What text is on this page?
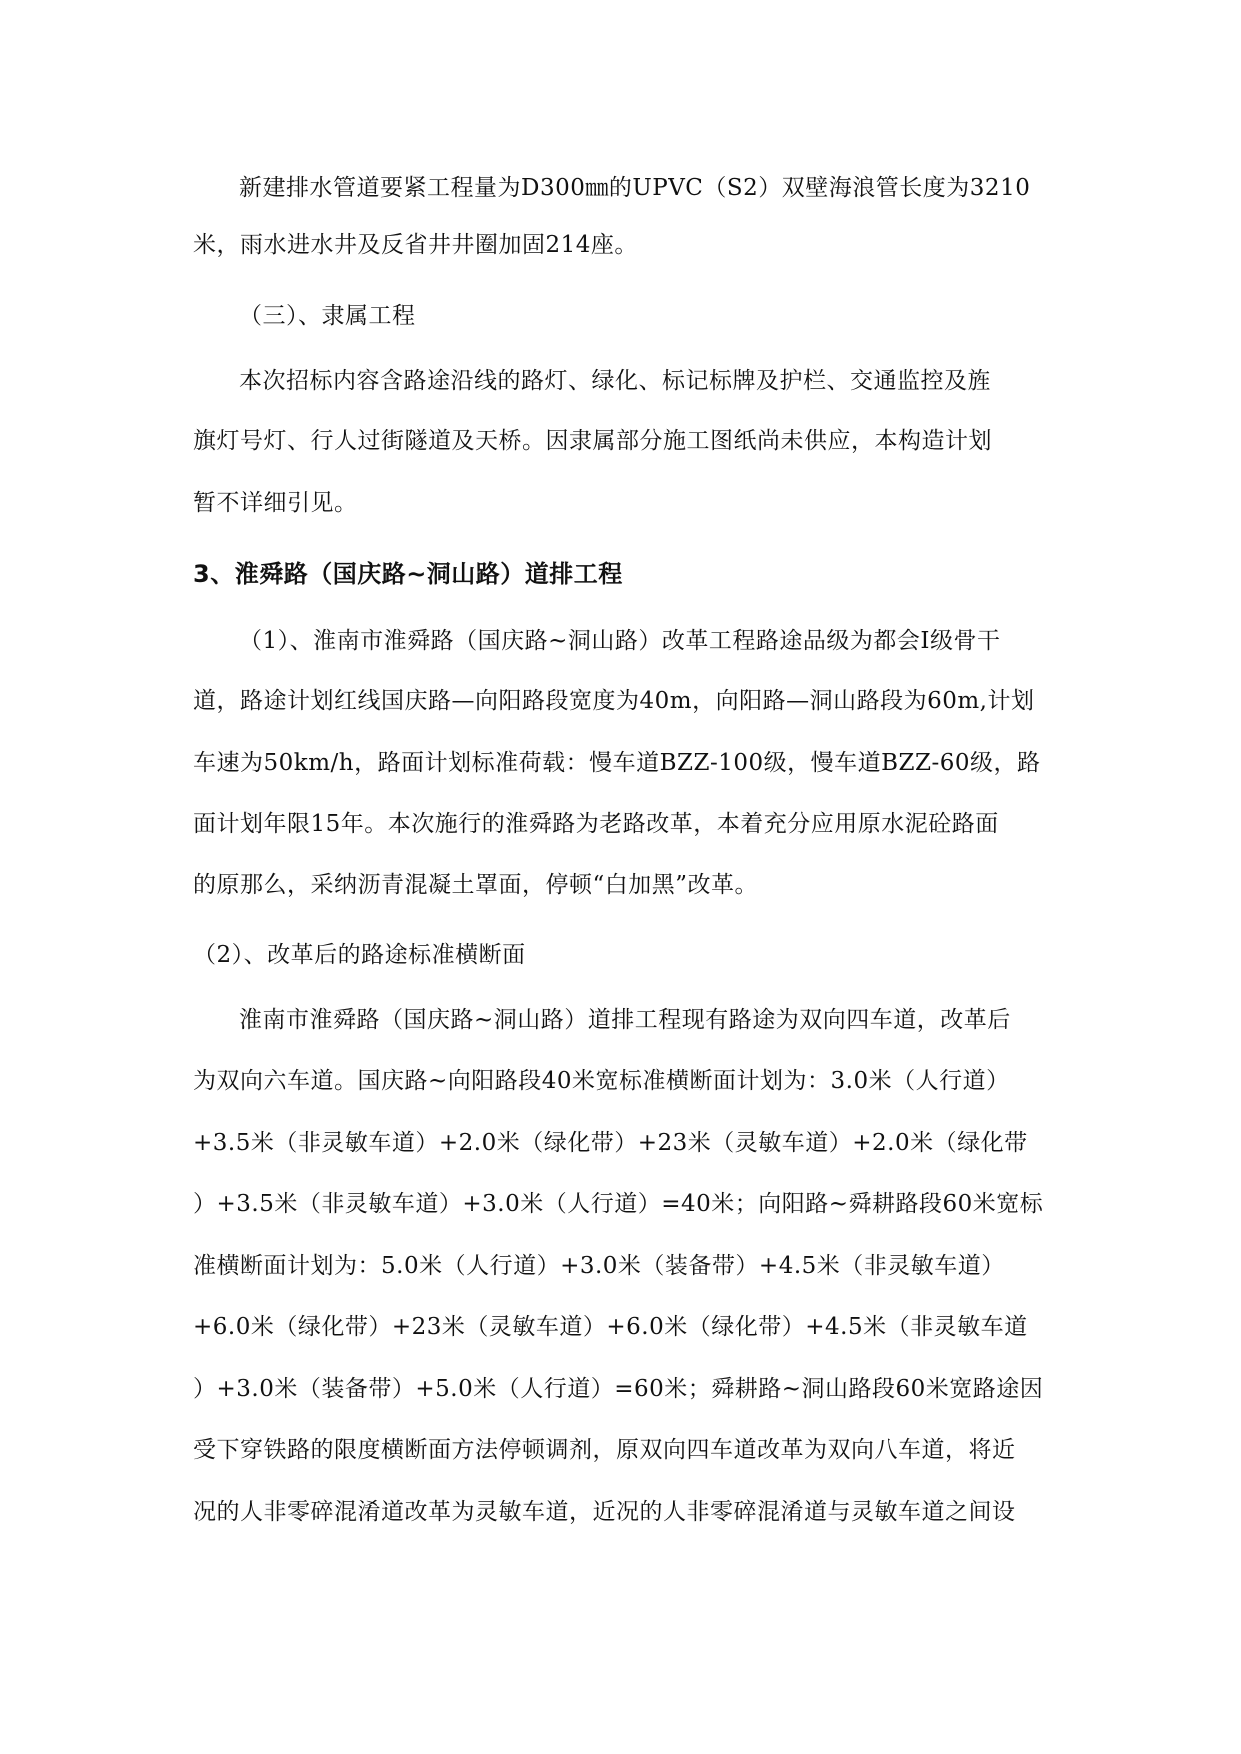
新建排水管道要紧工程量为D300㎜的UPVC（S2）双壁海浪管长度为3210
米，雨水进水井及反省井井圈加固214座。
（三）、隶属工程
本次招标内容含路途沿线的路灯、绿化、标记标牌及护栏、交通监控及旌
旗灯号灯、行人过街隧道及天桥。因隶属部分施工图纸尚未供应，本构造计划
暂不详细引见。
3、淮舜路（国庆路~洞山路）道排工程
（1）、淮南市淮舜路（国庆路~洞山路）改革工程路途品级为都会Ⅰ级骨干
道，路途计划红线国庆路—向阳路段宽度为40m，向阳路—洞山路段为60m,计划
车速为50km/h，路面计划标准荷载：慢车道BZZ-100级，慢车道BZZ-60级，路
面计划年限15年。本次施行的淮舜路为老路改革，本着充分应用原水泥砼路面
的原那么，采纳沥青混凝土罩面，停顿“白加黑”改革。
（2）、改革后的路途标准横断面
淮南市淮舜路（国庆路~洞山路）道排工程现有路途为双向四车道，改革后
为双向六车道。国庆路~向阳路段40米宽标准横断面计划为：3.0米（人行道）
+3.5米（非灵敏车道）+2.0米（绿化带）+23米（灵敏车道）+2.0米（绿化带
）+3.5米（非灵敏车道）+3.0米（人行道）=40米；向阳路~舜耕路段60米宽标
准横断面计划为：5.0米（人行道）+3.0米（装备带）+4.5米（非灵敏车道）
+6.0米（绿化带）+23米（灵敏车道）+6.0米（绿化带）+4.5米（非灵敏车道
）+3.0米（装备带）+5.0米（人行道）=60米；舜耕路~洞山路段60米宽路途因
受下穿铁路的限度横断面方法停顿调剂，原双向四车道改革为双向八车道，将近
况的人非零碎混淆道改革为灵敏车道，近况的人非零碎混淆道与灵敏车道之间设
